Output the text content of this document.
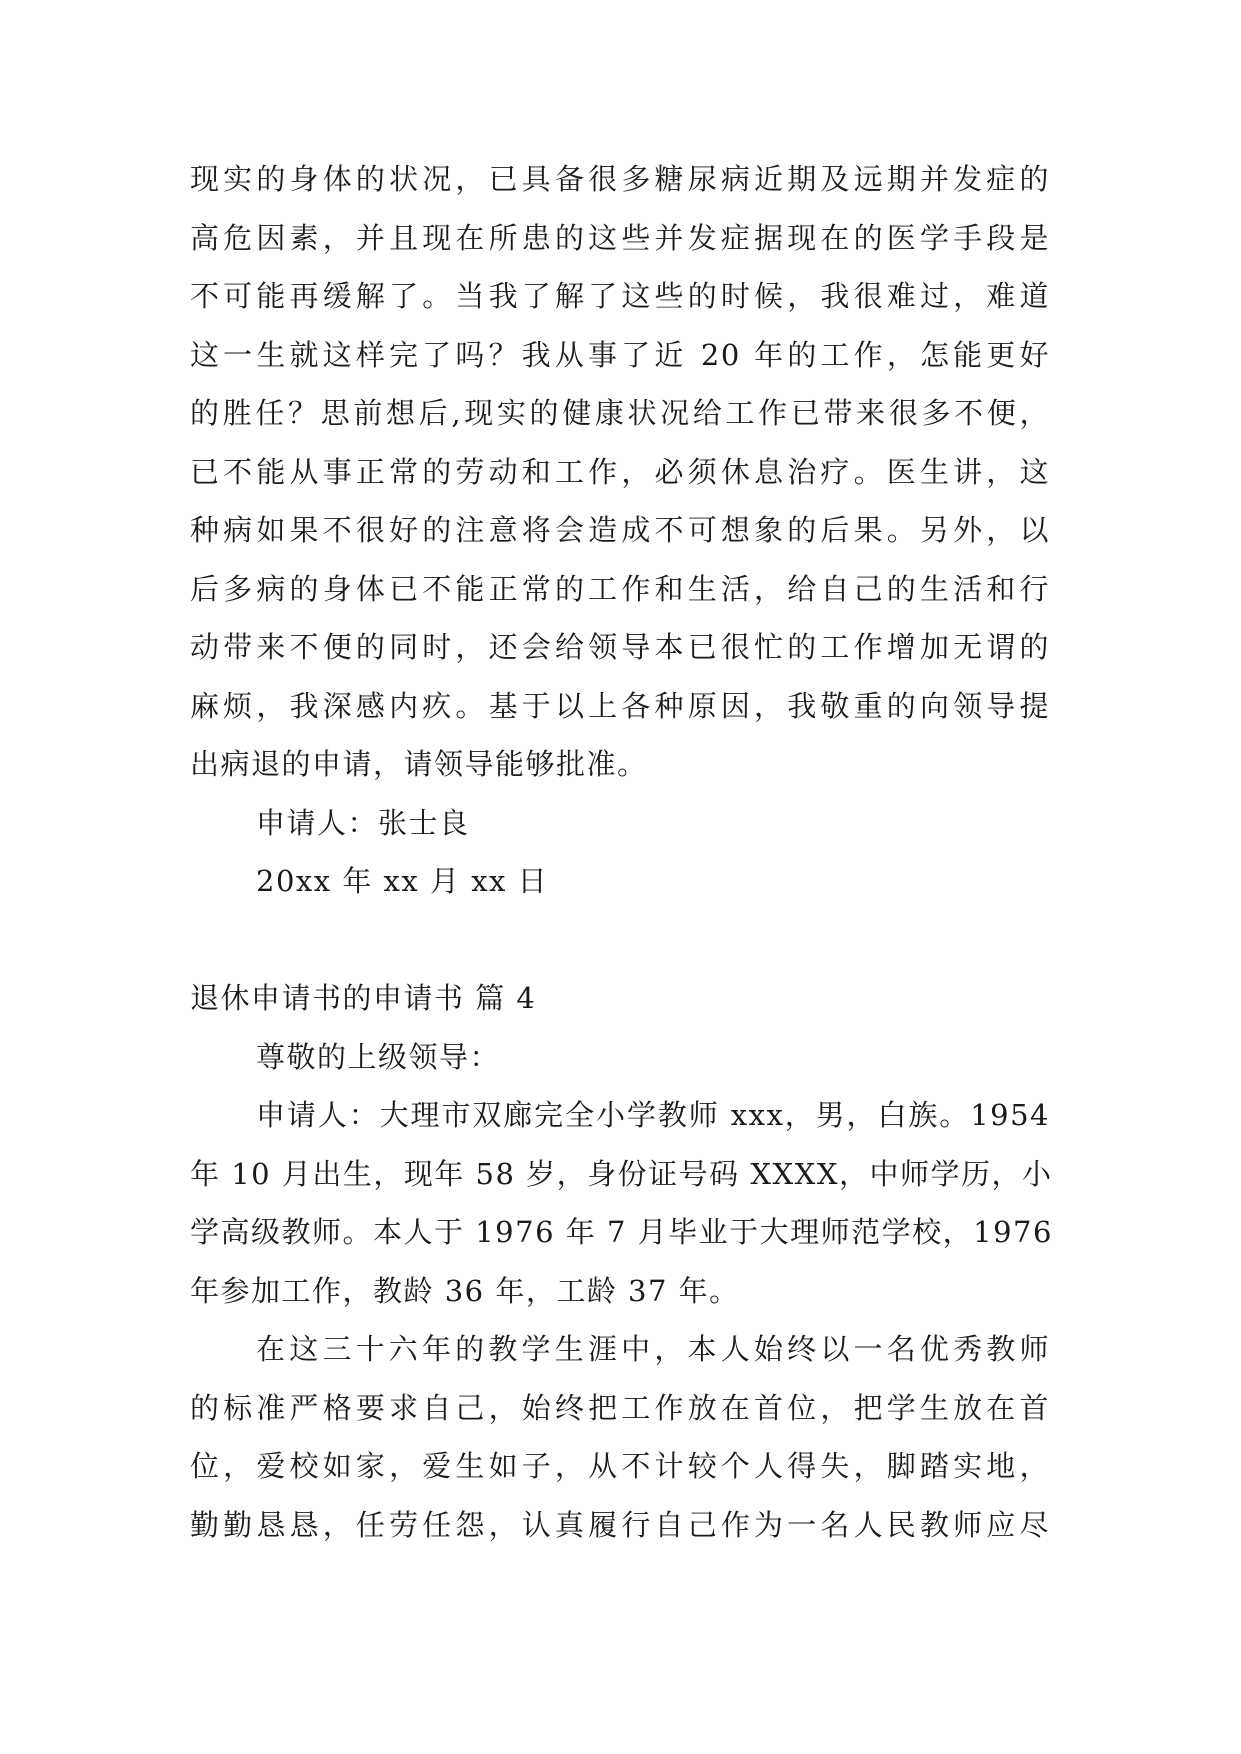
现实的身体的状况，已具备很多糖尿病近期及远期并发症的
高危因素，并且现在所患的这些并发症据现在的医学手段是
不可能再缓解了。当我了解了这些的时候，我很难过，难道
这一生就这样完了吗？我从事了近 20 年的工作，怎能更好
的胜任？思前想后,现实的健康状况给工作已带来很多不便，
已不能从事正常的劳动和工作，必须休息治疗。医生讲，这
种病如果不很好的注意将会造成不可想象的后果。另外，以
后多病的身体已不能正常的工作和生活，给自己的生活和行
动带来不便的同时，还会给领导本已很忙的工作增加无谓的
麻烦，我深感内疚。基于以上各种原因，我敬重的向领导提
出病退的申请，请领导能够批准。
申请人：张士良
20xx 年 xx 月 xx 日
退休申请书的申请书 篇 4
尊敬的上级领导：
申请人：大理市双廊完全小学教师 xxx，男，白族。1954
年 10 月出生，现年 58 岁，身份证号码 XXXX，中师学历，小
学高级教师。本人于 1976 年 7 月毕业于大理师范学校，1976
年参加工作，教龄 36 年，工龄 37 年。
在这三十六年的教学生涯中，本人始终以一名优秀教师
的标准严格要求自己，始终把工作放在首位，把学生放在首
位，爱校如家，爱生如子，从不计较个人得失，脚踏实地，
勤勤恳恳，任劳任怨，认真履行自己作为一名人民教师应尽
